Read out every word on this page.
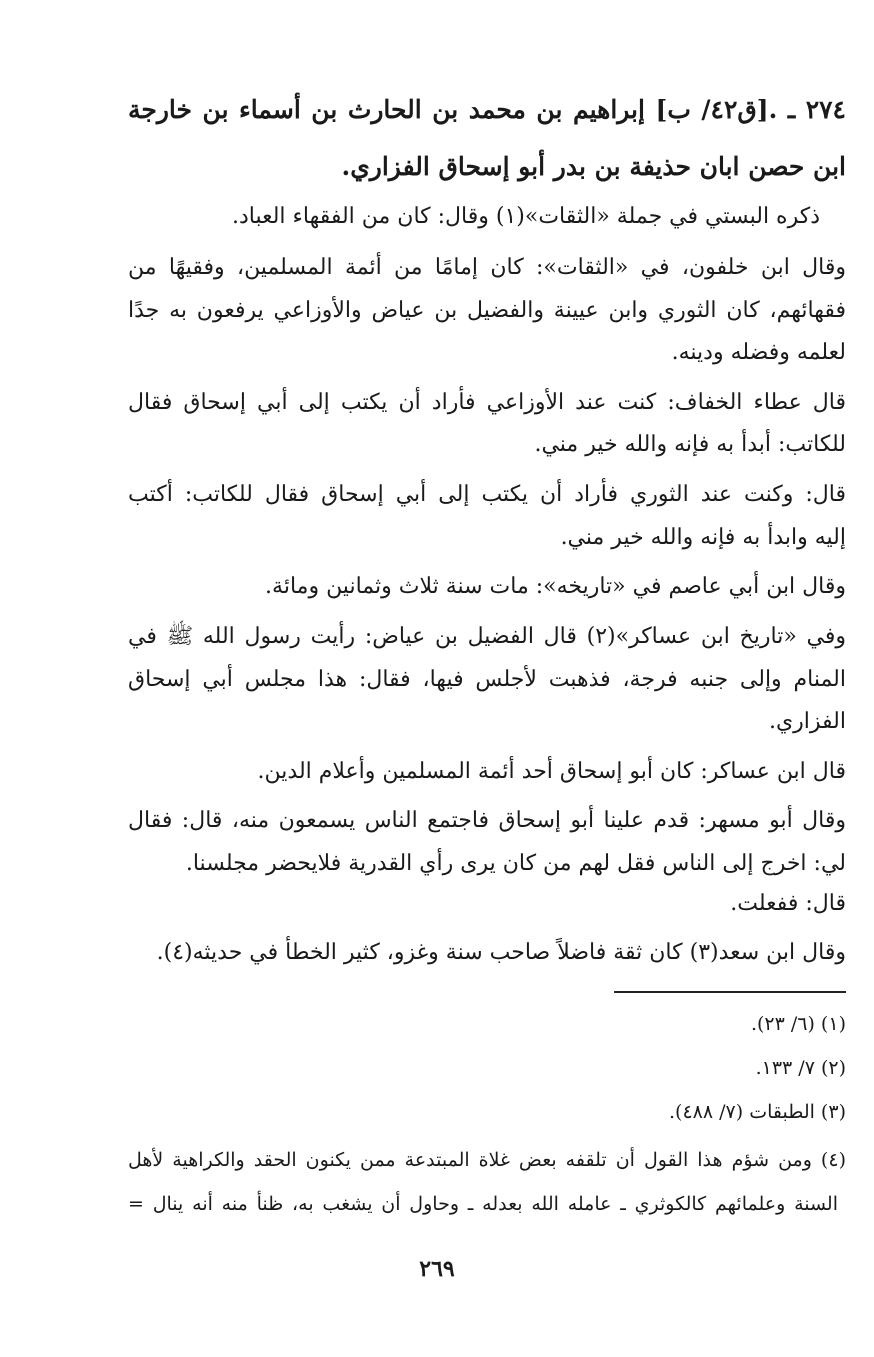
٢٧٤ ـ .[ق٤٢/ ب] إبراهيم بن محمد بن الحارث بن أسماء بن خارجة
ابن حصن ابان حذيفة بن بدر أبو إسحاق الفزاري.
ذكره البستي في جملة «الثقات»(١) وقال: كان من الفقهاء العباد.
وقال ابن خلفون، في «الثقات»: كان إمامًا من أئمة المسلمين، وفقيهًا من
فقهائهم، كان الثوري وابن عيينة والفضيل بن عياض والأوزاعي يرفعون به جدًا
لعلمه وفضله ودينه.
قال عطاء الخفاف: كنت عند الأوزاعي فأراد أن يكتب إلى أبي إسحاق فقال
للكاتب: أبدأ به فإنه والله خير مني.
قال: وكنت عند الثوري فأراد أن يكتب إلى أبي إسحاق فقال للكاتب: أكتب
إليه وابدأ به فإنه والله خير مني.
وقال ابن أبي عاصم في «تاريخه»: مات سنة ثلاث وثمانين ومائة.
وفي «تاريخ ابن عساكر»(٢) قال الفضيل بن عياض: رأيت رسول الله ﷺ في
المنام وإلى جنبه فرجة، فذهبت لأجلس فيها، فقال: هذا مجلس أبي إسحاق
الفزاري.
قال ابن عساكر: كان أبو إسحاق أحد أئمة المسلمين وأعلام الدين.
وقال أبو مسهر: قدم علينا أبو إسحاق فاجتمع الناس يسمعون منه، قال: فقال
لي: اخرج إلى الناس فقل لهم من كان يرى رأي القدرية فلايحضر مجلسنا.
قال: ففعلت.
وقال ابن سعد(٣) كان ثقة فاضلاً صاحب سنة وغزو، كثير الخطأ في حديثه(٤).
(١) (٦/ ٢٣).
(٢) ٧/ ١٣٣.
(٣) الطبقات (٧/ ٤٨٨).
(٤) ومن شؤم هذا القول أن تلقفه بعض غلاة المبتدعة ممن يكنون الحقد والكراهية لأهل
السنة وعلمائهم كالكوثري ـ عامله الله بعدله ـ وحاول أن يشغب به، ظنأ منه أنه ينال =
٢٦٩
